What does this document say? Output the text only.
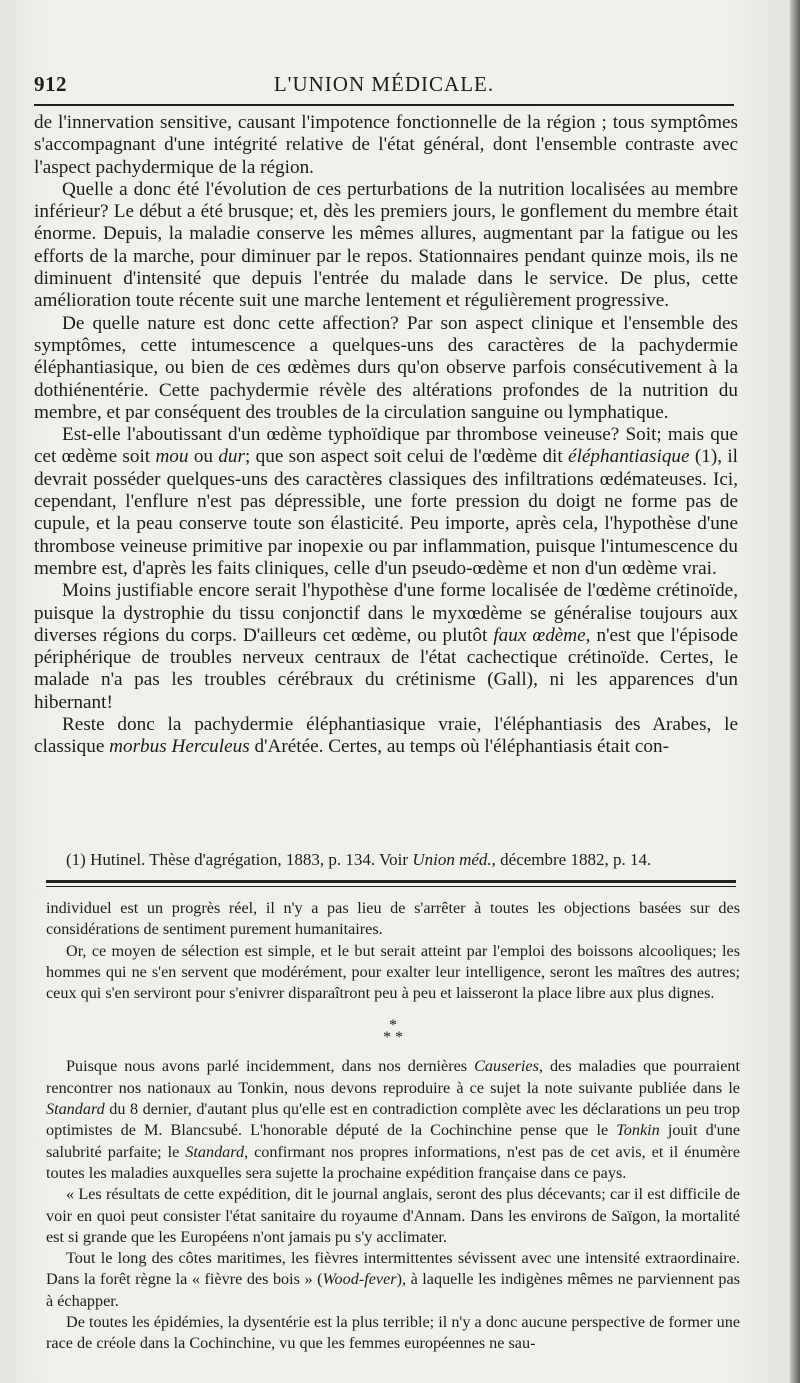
912	L'UNION MÉDICALE.

de l'innervation sensitive, causant l'impotence fonctionnelle de la région ; tous symptômes s'accompagnant d'une intégrité relative de l'état général, dont l'ensemble contraste avec l'aspect pachydermique de la région.

Quelle a donc été l'évolution de ces perturbations de la nutrition localisées au membre inférieur? Le début a été brusque; et, dès les premiers jours, le gonflement du membre était énorme. Depuis, la maladie conserve les mêmes allures, augmentant par la fatigue ou les efforts de la marche, pour diminuer par le repos. Stationnaires pendant quinze mois, ils ne diminuent d'intensité que depuis l'entrée du malade dans le service. De plus, cette amélioration toute récente suit une marche lentement et régulièrement progressive.

De quelle nature est donc cette affection? Par son aspect clinique et l'ensemble des symptômes, cette intumescence a quelques-uns des caractères de la pachydermie éléphantiasique, ou bien de ces œdèmes durs qu'on observe parfois consécutivement à la dothiénentérie. Cette pachydermie révèle des altérations profondes de la nutrition du membre, et par conséquent des troubles de la circulation sanguine ou lymphatique.

Est-elle l'aboutissant d'un œdème typhoïdique par thrombose veineuse? Soit; mais que cet œdème soit mou ou dur; que son aspect soit celui de l'œdème dit éléphantiasique (1), il devrait posséder quelques-uns des caractères classiques des infiltrations œdémateuses. Ici, cependant, l'enflure n'est pas dépressible, une forte pression du doigt ne forme pas de cupule, et la peau conserve toute son élasticité. Peu importe, après cela, l'hypothèse d'une thrombose veineuse primitive par inopexie ou par inflammation, puisque l'intumescence du membre est, d'après les faits cliniques, celle d'un pseudo-œdème et non d'un œdème vrai.

Moins justifiable encore serait l'hypothèse d'une forme localisée de l'œdème crétinoïde, puisque la dystrophie du tissu conjonctif dans le myxœdème se généralise toujours aux diverses régions du corps. D'ailleurs cet œdème, ou plutôt faux œdème, n'est que l'épisode périphérique de troubles nerveux centraux de l'état cachectique crétinoïde. Certes, le malade n'a pas les troubles cérébraux du crétinisme (Gall), ni les apparences d'un hibernant!

Reste donc la pachydermie éléphantiasique vraie, l'éléphantiasis des Arabes, le classique morbus Herculeus d'Arétée. Certes, au temps où l'éléphantiasis était con-

(1) Hutinel. Thèse d'agrégation, 1883, p. 134. Voir Union méd., décembre 1882, p. 14.

individuel est un progrès réel, il n'y a pas lieu de s'arrêter à toutes les objections basées sur des considérations de sentiment purement humanitaires.

Or, ce moyen de sélection est simple, et le but serait atteint par l'emploi des boissons alcooliques; les hommes qui ne s'en servent que modérément, pour exalter leur intelligence, seront les maîtres des autres; ceux qui s'en serviront pour s'enivrer disparaîtront peu à peu et laisseront la place libre aux plus dignes.

*
* *

Puisque nous avons parlé incidemment, dans nos dernières Causeries, des maladies que pourraient rencontrer nos nationaux au Tonkin, nous devons reproduire à ce sujet la note suivante publiée dans le Standard du 8 dernier, d'autant plus qu'elle est en contradiction complète avec les déclarations un peu trop optimistes de M. Blancsubé. L'honorable député de la Cochinchine pense que le Tonkin jouit d'une salubrité parfaite; le Standard, confirmant nos propres informations, n'est pas de cet avis, et il énumère toutes les maladies auxquelles sera sujette la prochaine expédition française dans ce pays.

« Les résultats de cette expédition, dit le journal anglais, seront des plus décevants; car il est difficile de voir en quoi peut consister l'état sanitaire du royaume d'Annam. Dans les environs de Saïgon, la mortalité est si grande que les Européens n'ont jamais pu s'y acclimater.

Tout le long des côtes maritimes, les fièvres intermittentes sévissent avec une intensité extraordinaire. Dans la forêt règne la « fièvre des bois » (Wood-fever), à laquelle les indigènes mêmes ne parviennent pas à échapper.

De toutes les épidémies, la dysentérie est la plus terrible; il n'y a donc aucune perspective de former une race de créole dans la Cochinchine, vu que les femmes européennes ne sau-
